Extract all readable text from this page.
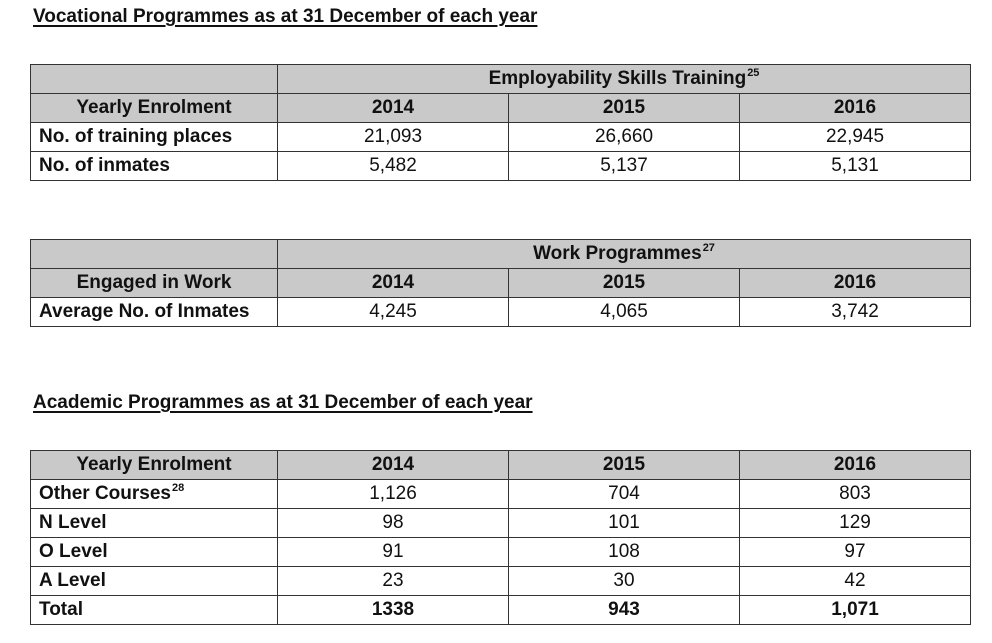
Vocational Programmes as at 31 December of each year
	Employability Skills Training$^{25}$
Yearly Enrolment	2014	2015	2016
No. of training places	21,093	26,660	22,945
No. of inmates	5,482	5,137	5,131
	Work Programmes$^{27}$
Engaged in Work	2014	2015	2016
Average No. of Inmates	4,245	4,065	3,742
Academic Programmes as at 31 December of each year
Yearly Enrolment	2014	2015	2016
Other Courses$^{28}$	1,126	704	803
N Level	98	101	129
O Level	91	108	97
A Level	23	30	42
Total	1338	943	1,071
